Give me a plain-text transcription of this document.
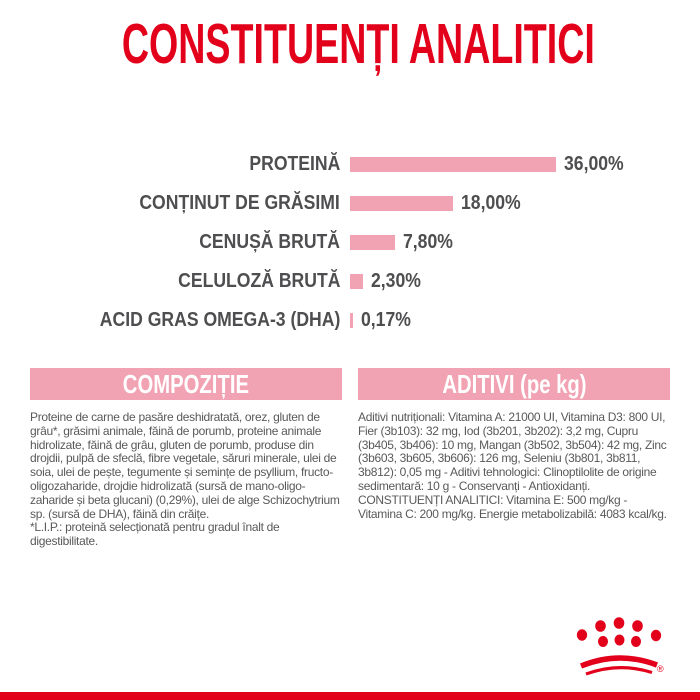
CONSTITUENȚI ANALITICI
PROTEINĂ	36,00%
CONȚINUT DE GRĂSIMI	18,00%
CENUȘĂ BRUTĂ	7,80%
CELULOZĂ BRUTĂ 2,30%
ACID GRAS OMEGA-3 (DHA) 0,17%
COMPOZIȚIE
Proteine de carne de pasăre deshidratată, orez, gluten de grâu*, grăsimi animale, făină de porumb, proteine animale hidrolizate, făină de grâu, gluten de porumb, produse din drojdii, pulpă de sfeclă, fibre vegetale, săruri minerale, ulei de soia, ulei de pește, tegumente și semințe de psyllium, fructo-oligozaharide, drojdie hidrolizată (sursă de mano-oligo-zaharide și beta glucani) (0,29%), ulei de alge Schizochytrium sp. (sursă de DHA), făină din crăițe.
*L.I.P.: proteină selecționată pentru gradul înalt de digestibilitate.
ADITIVI (pe kg)
Aditivi nutriționali: Vitamina A: 21000 UI, Vitamina D3: 800 UI, Fier (3b103): 32 mg, Iod (3b201, 3b202): 3,2 mg, Cupru (3b405, 3b406): 10 mg, Mangan (3b502, 3b504): 42 mg, Zinc (3b603, 3b605, 3b606): 126 mg, Seleniu (3b801, 3b811, 3b812): 0,05 mg - Aditivi tehnologici: Clinoptilolite de origine sedimentară: 10 g - Conservanți - Antioxidanți.
CONSTITUENȚI ANALITICI: Vitamina E: 500 mg/kg - Vitamina C: 200 mg/kg. Energie metabolizabilă: 4083 kcal/kg.
®
